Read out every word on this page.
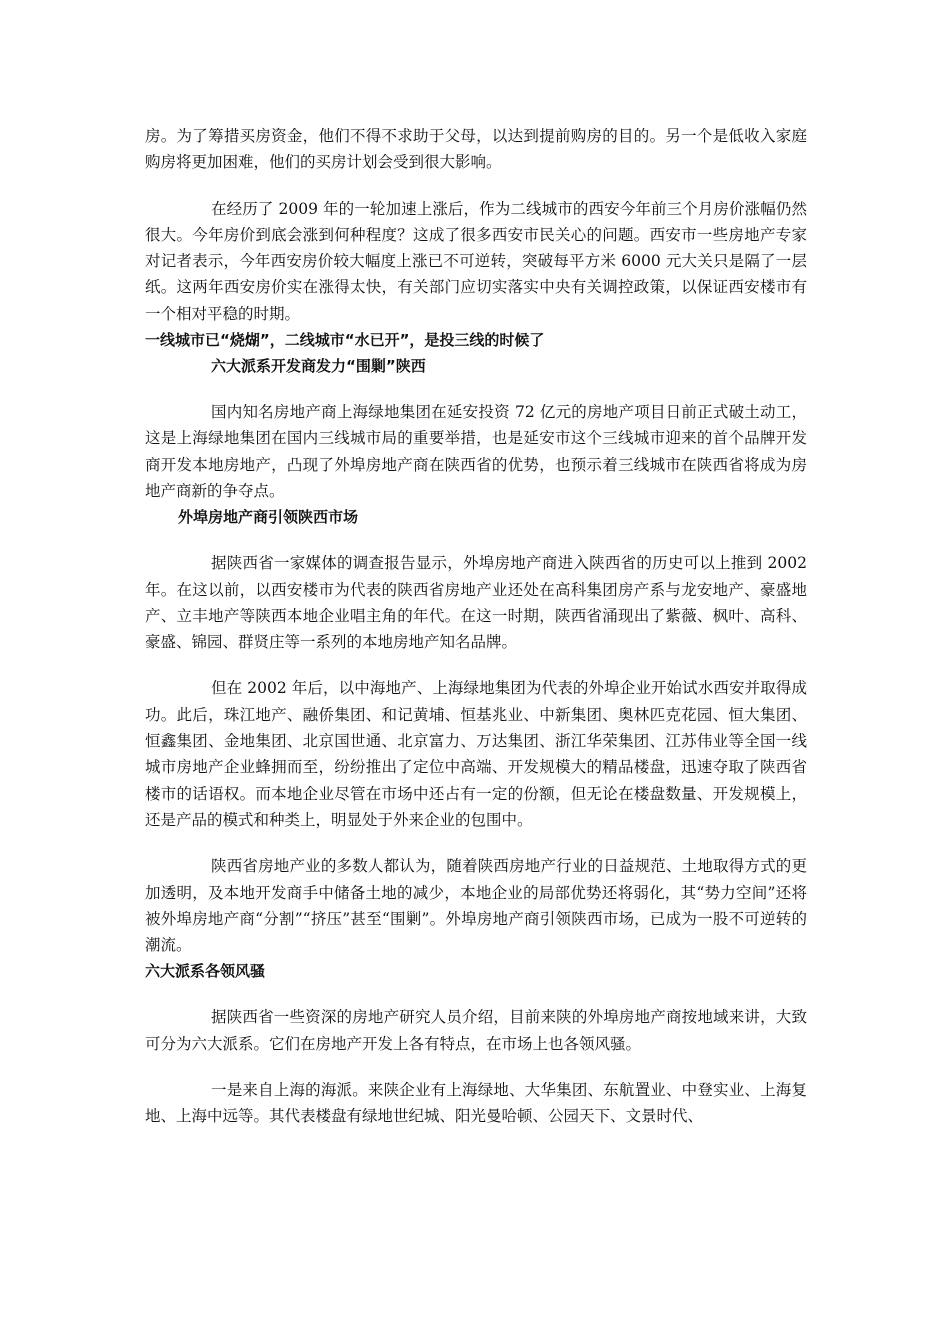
房。为了筹措买房资金，他们不得不求助于父母，以达到提前购房的目的。另一个是低收入家庭购房将更加困难，他们的买房计划会受到很大影响。

在经历了 2009 年的一轮加速上涨后，作为二线城市的西安今年前三个月房价涨幅仍然很大。今年房价到底会涨到何种程度？这成了很多西安市民关心的问题。西安市一些房地产专家对记者表示，今年西安房价较大幅度上涨已不可逆转，突破每平方米 6000 元大关只是隔了一层纸。这两年西安房价实在涨得太快，有关部门应切实落实中央有关调控政策，以保证西安楼市有一个相对平稳的时期。

一线城市已“烧煳”，二线城市“水已开”，是投三线的时候了

六大派系开发商发力“围剿”陕西

国内知名房地产商上海绿地集团在延安投资 72 亿元的房地产项目日前正式破土动工，这是上海绿地集团在国内三线城市局的重要举措，也是延安市这个三线城市迎来的首个品牌开发商开发本地房地产，凸现了外埠房地产商在陕西省的优势，也预示着三线城市在陕西省将成为房地产商新的争夺点。

外埠房地产商引领陕西市场

据陕西省一家媒体的调查报告显示，外埠房地产商进入陕西省的历史可以上推到 2002 年。在这以前，以西安楼市为代表的陕西省房地产业还处在高科集团房产系与龙安地产、豪盛地产、立丰地产等陕西本地企业唱主角的年代。在这一时期，陕西省涌现出了紫薇、枫叶、高科、豪盛、锦园、群贤庄等一系列的本地房地产知名品牌。

但在 2002 年后，以中海地产、上海绿地集团为代表的外埠企业开始试水西安并取得成功。此后，珠江地产、融侨集团、和记黄埔、恒基兆业、中新集团、奥林匹克花园、恒大集团、恒鑫集团、金地集团、北京国世通、北京富力、万达集团、浙江华荣集团、江苏伟业等全国一线城市房地产企业蜂拥而至，纷纷推出了定位中高端、开发规模大的精品楼盘，迅速夺取了陕西省楼市的话语权。而本地企业尽管在市场中还占有一定的份额，但无论在楼盘数量、开发规模上，还是产品的模式和种类上，明显处于外来企业的包围中。

陕西省房地产业的多数人都认为，随着陕西房地产行业的日益规范、土地取得方式的更加透明，及本地开发商手中储备土地的减少，本地企业的局部优势还将弱化，其“势力空间”还将被外埠房地产商“分割”“挤压”甚至“围剿”。外埠房地产商引领陕西市场，已成为一股不可逆转的潮流。

六大派系各领风骚

据陕西省一些资深的房地产研究人员介绍，目前来陕的外埠房地产商按地域来讲，大致可分为六大派系。它们在房地产开发上各有特点，在市场上也各领风骚。

一是来自上海的海派。来陕企业有上海绿地、大华集团、东航置业、中登实业、上海复地、上海中远等。其代表楼盘有绿地世纪城、阳光曼哈顿、公园天下、文景时代、
